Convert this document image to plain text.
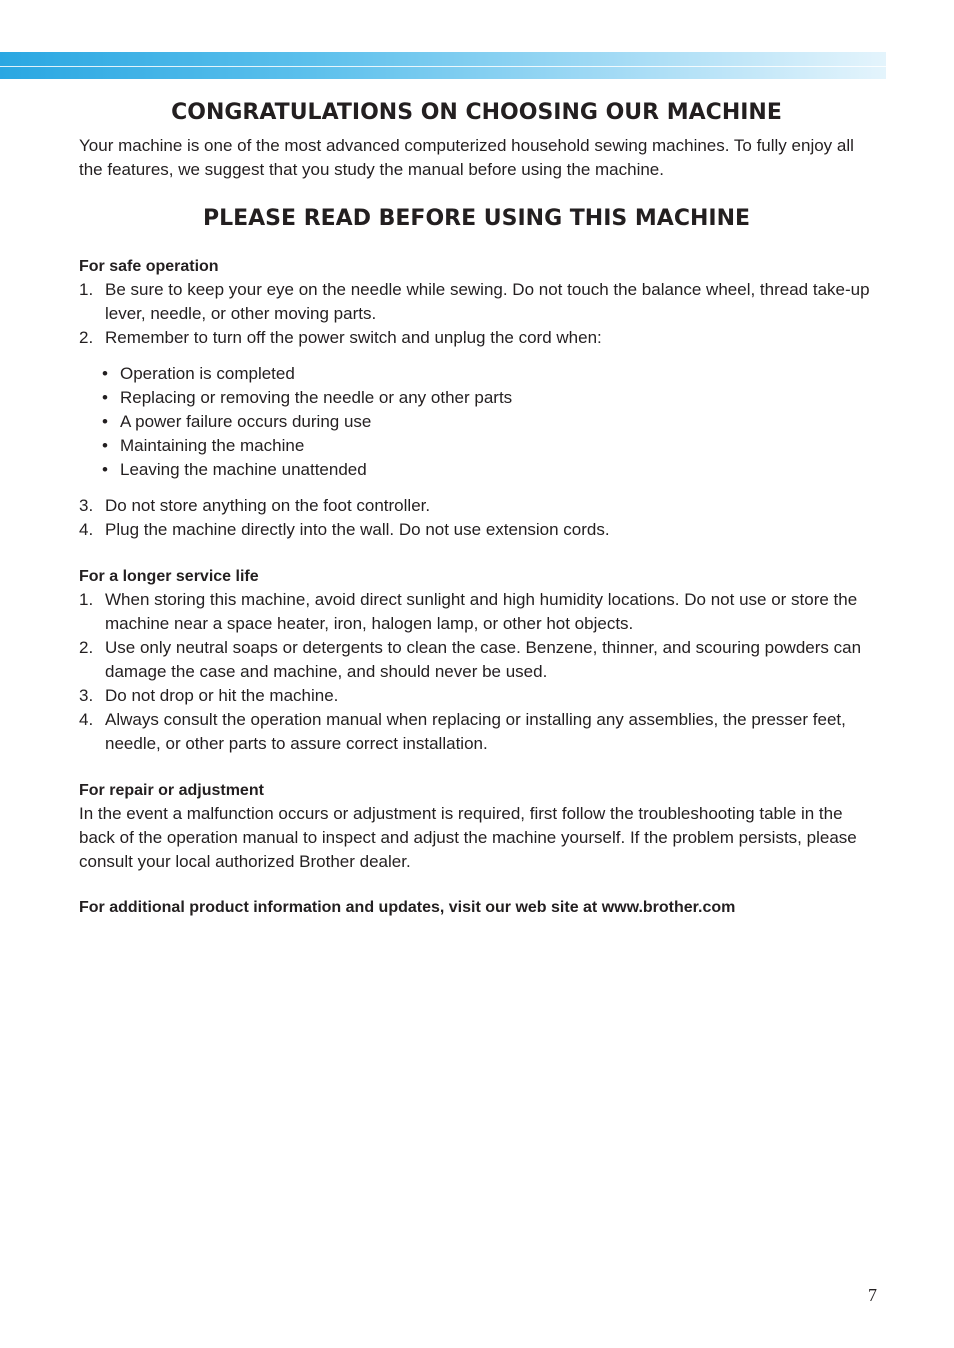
CONGRATULATIONS ON CHOOSING OUR MACHINE

Your machine is one of the most advanced computerized household sewing machines. To fully enjoy all the features, we suggest that you study the manual before using the machine.

PLEASE READ BEFORE USING THIS MACHINE
For safe operation
1. Be sure to keep your eye on the needle while sewing. Do not touch the balance wheel, thread take-up lever, needle, or other moving parts.
2. Remember to turn off the power switch and unplug the cord when:
• Operation is completed
• Replacing or removing the needle or any other parts
• A power failure occurs during use
• Maintaining the machine
• Leaving the machine unattended
3. Do not store anything on the foot controller.
4. Plug the machine directly into the wall. Do not use extension cords.
For a longer service life
1. When storing this machine, avoid direct sunlight and high humidity locations. Do not use or store the machine near a space heater, iron, halogen lamp, or other hot objects.
2. Use only neutral soaps or detergents to clean the case. Benzene, thinner, and scouring powders can damage the case and machine, and should never be used.
3. Do not drop or hit the machine.
4. Always consult the operation manual when replacing or installing any assemblies, the presser feet, needle, or other parts to assure correct installation.
For repair or adjustment

In the event a malfunction occurs or adjustment is required, first follow the troubleshooting table in the back of the operation manual to inspect and adjust the machine yourself. If the problem persists, please consult your local authorized Brother dealer.

For additional product information and updates, visit our web site at www.brother.com

7
